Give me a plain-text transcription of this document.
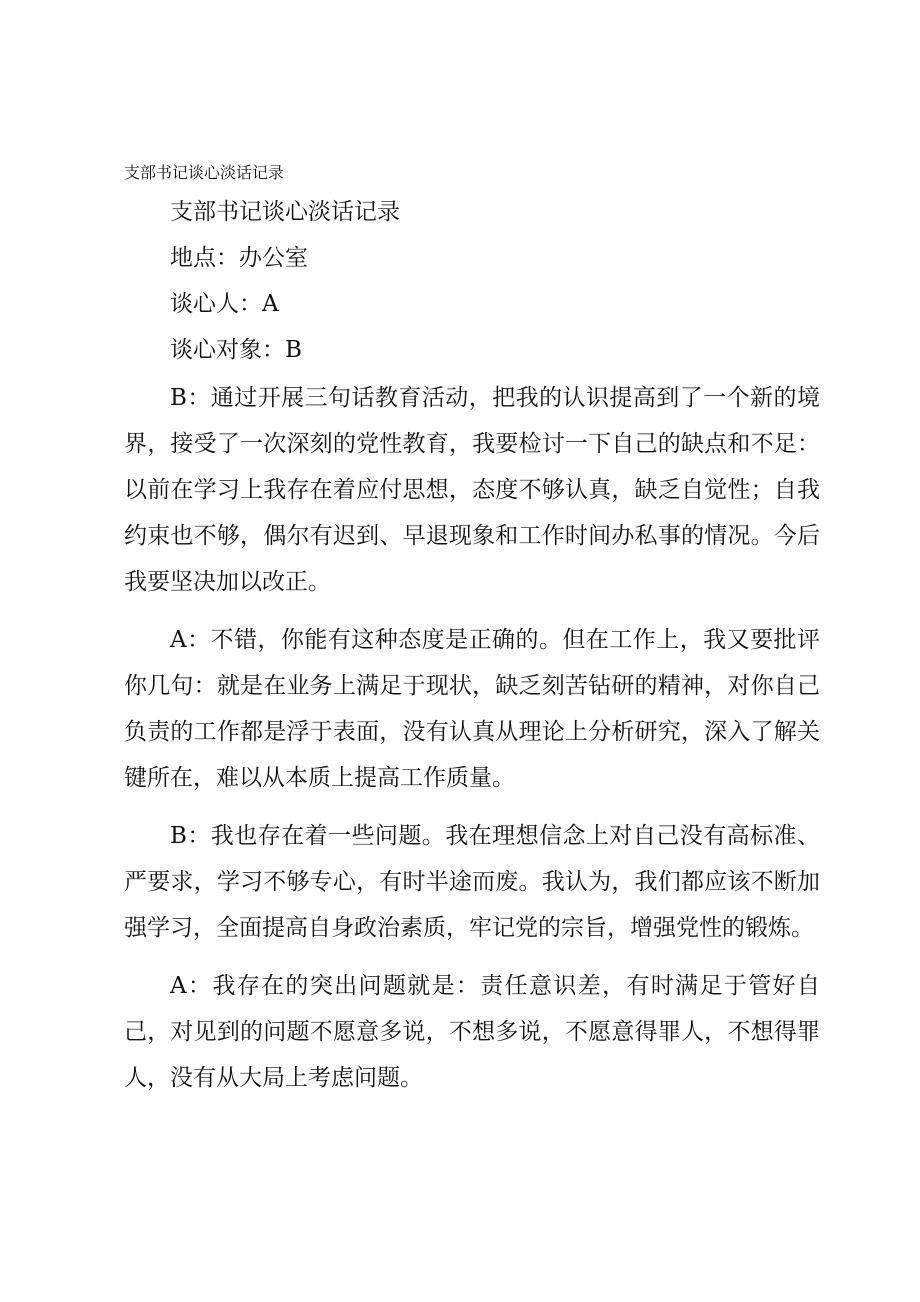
支部书记谈心淡话记录

支部书记谈心淡话记录

地点：办公室

谈心人：A

谈心对象：B

B：通过开展三句话教育活动，把我的认识提高到了一个新的境界，接受了一次深刻的党性教育，我要检讨一下自己的缺点和不足：以前在学习上我存在着应付思想，态度不够认真，缺乏自觉性；自我约束也不够，偶尔有迟到、早退现象和工作时间办私事的情况。今后我要坚决加以改正。

A：不错，你能有这种态度是正确的。但在工作上，我又要批评你几句：就是在业务上满足于现状，缺乏刻苦钻研的精神，对你自己负责的工作都是浮于表面，没有认真从理论上分析研究，深入了解关键所在，难以从本质上提高工作质量。

B：我也存在着一些问题。我在理想信念上对自己没有高标准、严要求，学习不够专心，有时半途而废。我认为，我们都应该不断加强学习，全面提高自身政治素质，牢记党的宗旨，增强党性的锻炼。

A：我存在的突出问题就是：责任意识差，有时满足于管好自己，对见到的问题不愿意多说，不想多说，不愿意得罪人，不想得罪人，没有从大局上考虑问题。
